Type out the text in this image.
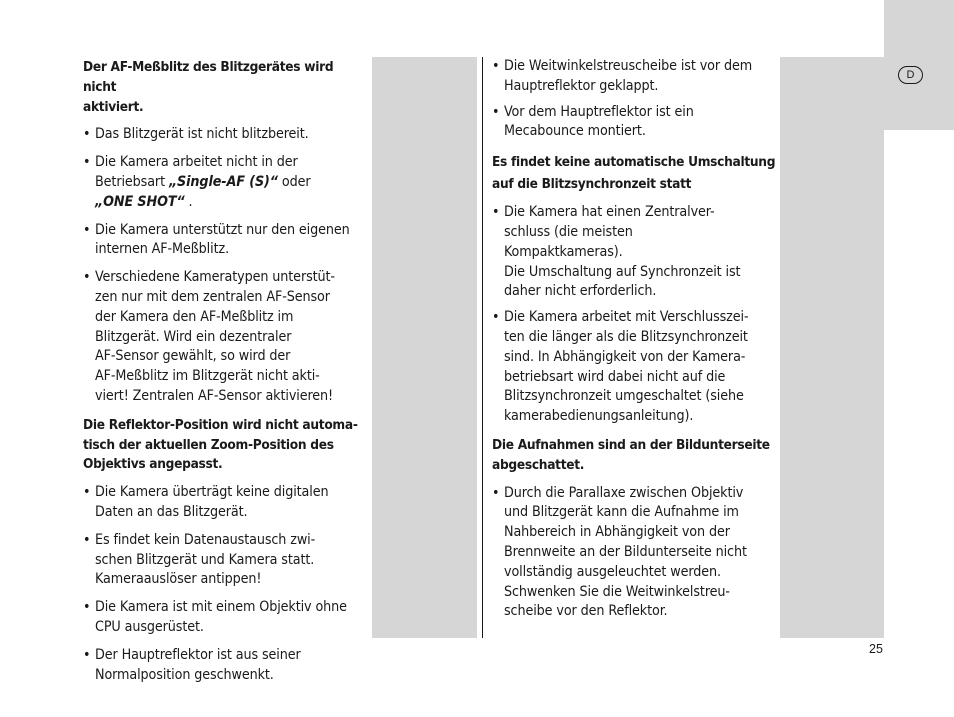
D

Der AF-Meßblitz des Blitzgerätes wird nicht
aktiviert.

• Das Blitzgerät ist nicht blitzbereit.

• Die Kamera arbeitet nicht in der
Betriebsart „Single-AF (S)“ oder
„ONE SHOT“ .

• Die Kamera unterstützt nur den eigenen
internen AF-Meßblitz.

• Verschiedene Kameratypen unterstüt-
zen nur mit dem zentralen AF-Sensor
der Kamera den AF-Meßblitz im
Blitzgerät. Wird ein dezentraler
AF-Sensor gewählt, so wird der
AF-Meßblitz im Blitzgerät nicht akti-
viert! Zentralen AF-Sensor aktivieren!

Die Reflektor-Position wird nicht automa-
tisch der aktuellen Zoom-Position des
Objektivs angepasst.

• Die Kamera überträgt keine digitalen
Daten an das Blitzgerät.

• Es findet kein Datenaustausch zwi-
schen Blitzgerät und Kamera statt.
Kameraauslöser antippen!

• Die Kamera ist mit einem Objektiv ohne
CPU ausgerüstet.

• Der Hauptreflektor ist aus seiner
Normalposition geschwenkt.

• Die Weitwinkelstreuscheibe ist vor dem
Hauptreflektor geklappt.

• Vor dem Hauptreflektor ist ein
Mecabounce montiert.

Es findet keine automatische Umschaltung
auf die Blitzsynchronzeit statt

• Die Kamera hat einen Zentralver-
schluss (die meisten
Kompaktkameras).
Die Umschaltung auf Synchronzeit ist
daher nicht erforderlich.

• Die Kamera arbeitet mit Verschlusszei-
ten die länger als die Blitzsynchronzeit
sind. In Abhängigkeit von der Kamera-
betriebsart wird dabei nicht auf die
Blitzsynchronzeit umgeschaltet (siehe
kamerabedienungsanleitung).

Die Aufnahmen sind an der Bildunterseite
abgeschattet.

• Durch die Parallaxe zwischen Objektiv
und Blitzgerät kann die Aufnahme im
Nahbereich in Abhängigkeit von der
Brennweite an der Bildunterseite nicht
vollständig ausgeleuchtet werden.
Schwenken Sie die Weitwinkelstreu-
scheibe vor den Reflektor.

25
